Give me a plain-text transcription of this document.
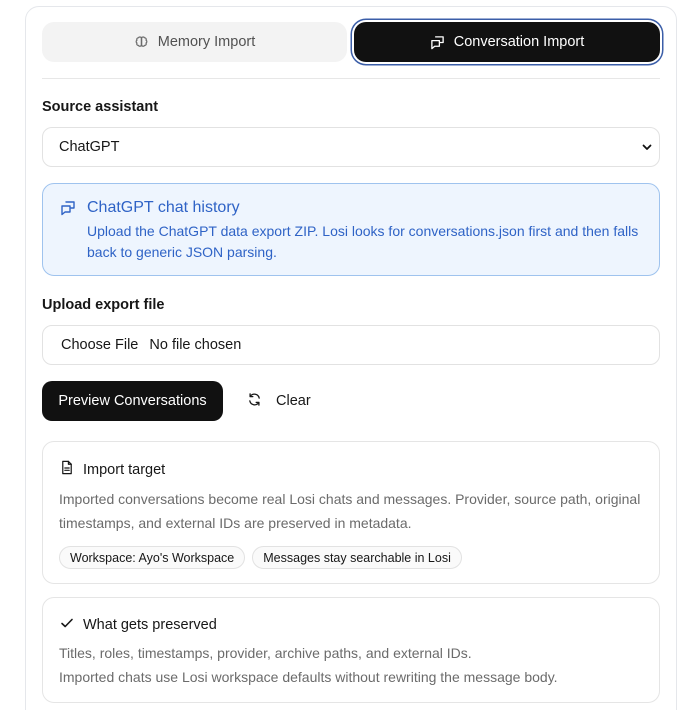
Memory Import	Conversation Import
Source assistant
ChatGPT
ChatGPT chat history
Upload the ChatGPT data export ZIP. Losi looks for conversations.json first and then falls back to generic JSON parsing.
Upload export file
Choose File No file chosen
Preview Conversations	Clear
Import target
Imported conversations become real Losi chats and messages. Provider, source path, original timestamps, and external IDs are preserved in metadata.
Workspace: Ayo's Workspace	Messages stay searchable in Losi
What gets preserved
Titles, roles, timestamps, provider, archive paths, and external IDs.
Imported chats use Losi workspace defaults without rewriting the message body.
